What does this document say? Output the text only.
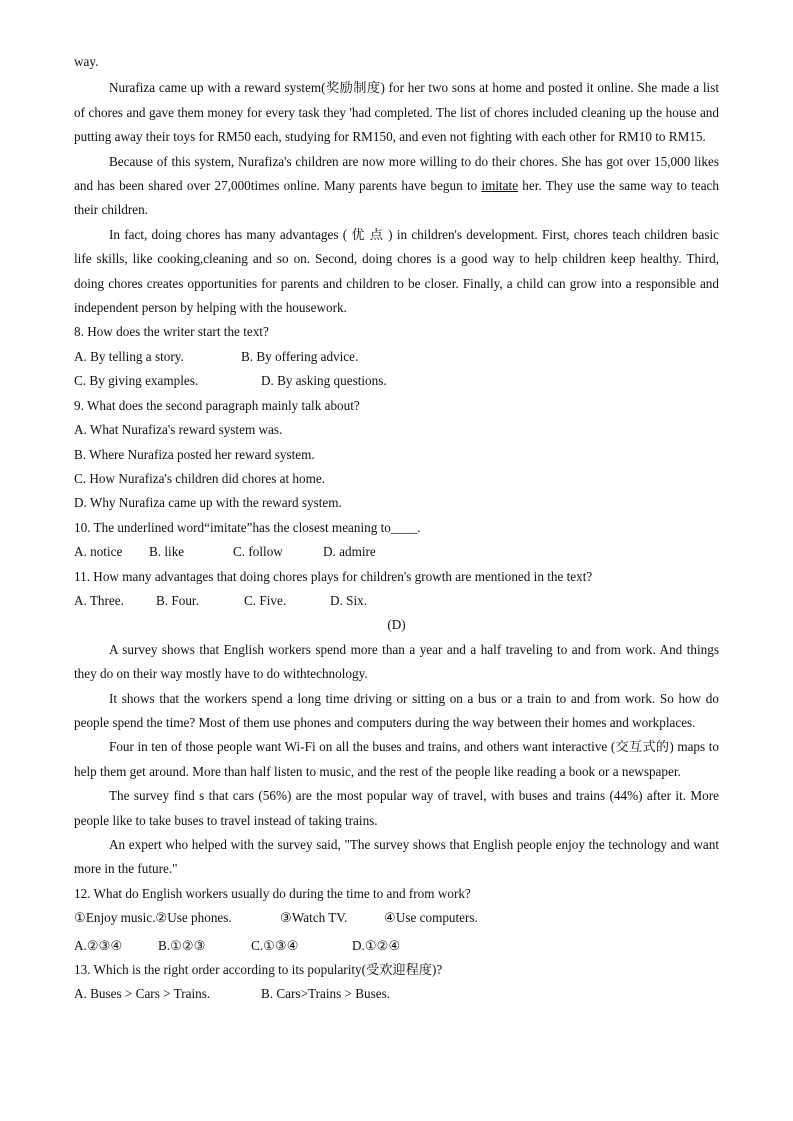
way.
Nurafiza came up with a reward system(奖励制度) for her two sons at home and posted it online. She made a list of chores and gave them money for every task they 'had completed. The list of chores included cleaning up the house and putting away their toys for RM50 each, studying for RM150, and even not fighting with each other for RM10 to RM15.
Because of this system, Nurafiza's children are now more willing to do their chores. She has got over 15,000 likes and has been shared over 27,000times online. Many parents have begun to imitate her. They use the same way to teach their children.
In fact, doing chores has many advantages ( 优 点 ) in children's development. First, chores teach children basic life skills, like cooking,cleaning and so on. Second, doing chores is a good way to help children keep healthy. Third, doing chores creates opportunities for parents and children to be closer. Finally, a child can grow into a responsible and independent person by helping with the housework.
8. How does the writer start the text?
A. By telling a story.	B. By offering advice.
C. By giving examples.	D. By asking questions.
9. What does the second paragraph mainly talk about?
A. What Nurafiza's reward system was.
B. Where Nurafiza posted her reward system.
C. How Nurafiza's children did chores at home.
D. Why Nurafiza came up with the reward system.
10. The underlined word“imitate”has the closest meaning to____.
A. notice	B. like	C. follow	D. admire
11. How many advantages that doing chores plays for children's growth are mentioned in the text?
A. Three.	B. Four.	C. Five.	D. Six.
(D)
A survey shows that English workers spend more than a year and a half traveling to and from work. And things they do on their way mostly have to do withtechnology.
It shows that the workers spend a long time driving or sitting on a bus or a train to and from work. So how do people spend the time? Most of them use phones and computers during the way between their homes and workplaces.
Four in ten of those people want Wi-Fi on all the buses and trains, and others want interactive (交互式的) maps to help them get around. More than half listen to music, and the rest of the people like reading a book or a newspaper.
The survey find s that cars (56%) are the most popular way of travel, with buses and trains (44%) after it. More people like to take buses to travel instead of taking trains.
An expert who helped with the survey said, "The survey shows that English people enjoy the technology and want more in the future."
12. What do English workers usually do during the time to and from work?
①Enjoy music.②Use phones.	③Watch TV.	④Use computers.
A.②③④	B.①②③	C.①③④	D.①②④
13. Which is the right order according to its popularity(受欢迎程度)?
A. Buses > Cars > Trains.	B. Cars>Trains > Buses.
